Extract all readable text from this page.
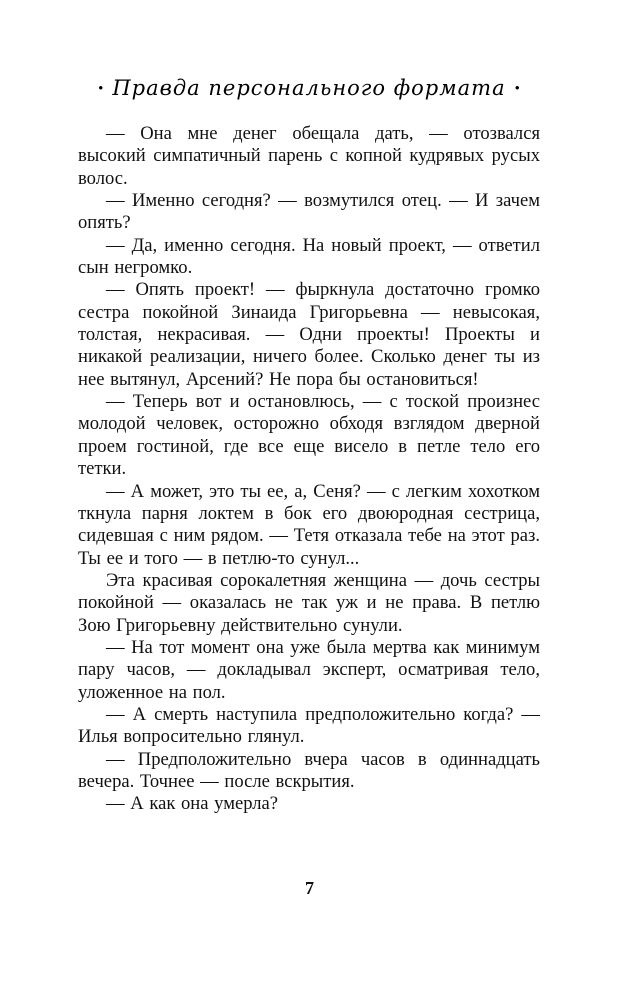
• Правда персонального формата •

— Она мне денег обещала дать, — отозвался высокий симпатичный парень с копной кудрявых русых волос.

— Именно сегодня? — возмутился отец. — И зачем опять?

— Да, именно сегодня. На новый проект, — ответил сын негромко.

— Опять проект! — фыркнула достаточно громко сестра покойной Зинаида Григорьевна — невысокая, толстая, некрасивая. — Одни проекты! Проекты и никакой реализации, ничего более. Сколько денег ты из нее вытянул, Арсений? Не пора бы остановиться!

— Теперь вот и остановлюсь, — с тоской произнес молодой человек, осторожно обходя взглядом дверной проем гостиной, где все еще висело в петле тело его тетки.

— А может, это ты ее, а, Сеня? — с легким хохотком ткнула парня локтем в бок его двоюродная сестрица, сидевшая с ним рядом. — Тетя отказала тебе на этот раз. Ты ее и того — в петлю-то сунул...

Эта красивая сорокалетняя женщина — дочь сестры покойной — оказалась не так уж и не права. В петлю Зою Григорьевну действительно сунули.

— На тот момент она уже была мертва как минимум пару часов, — докладывал эксперт, осматривая тело, уложенное на пол.

— А смерть наступила предположительно когда? — Илья вопросительно глянул.

— Предположительно вчера часов в одиннадцать вечера. Точнее — после вскрытия.

— А как она умерла?

7
